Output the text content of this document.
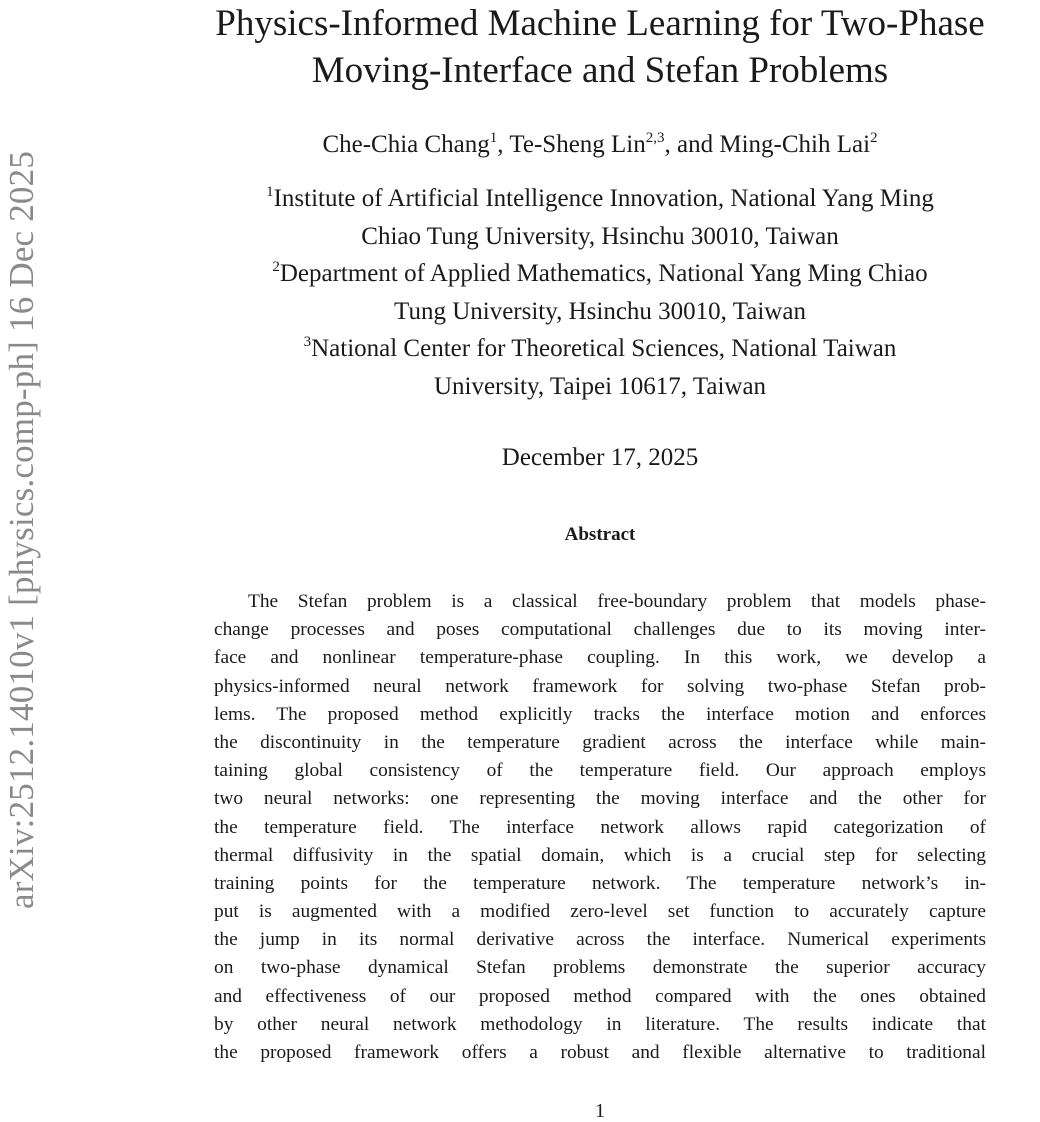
arXiv:2512.14010v1 [physics.comp-ph] 16 Dec 2025
Physics-Informed Machine Learning for Two-Phase
Moving-Interface and Stefan Problems
Che-Chia Chang$^1$, Te-Sheng Lin$^{2,3}$, and Ming-Chih Lai$^2$
$^1$Institute of Artificial Intelligence Innovation, National Yang Ming
Chiao Tung University, Hsinchu 30010, Taiwan
$^2$Department of Applied Mathematics, National Yang Ming Chiao
Tung University, Hsinchu 30010, Taiwan
$^3$National Center for Theoretical Sciences, National Taiwan
University, Taipei 10617, Taiwan
December 17, 2025
Abstract
The Stefan problem is a classical free-boundary problem that models phase-
change processes and poses computational challenges due to its moving inter-
face and nonlinear temperature-phase coupling. In this work, we develop a
physics-informed neural network framework for solving two-phase Stefan prob-
lems. The proposed method explicitly tracks the interface motion and enforces
the discontinuity in the temperature gradient across the interface while main-
taining global consistency of the temperature field. Our approach employs
two neural networks: one representing the moving interface and the other for
the temperature field. The interface network allows rapid categorization of
thermal diffusivity in the spatial domain, which is a crucial step for selecting
training points for the temperature network. The temperature network’s in-
put is augmented with a modified zero-level set function to accurately capture
the jump in its normal derivative across the interface. Numerical experiments
on two-phase dynamical Stefan problems demonstrate the superior accuracy
and effectiveness of our proposed method compared with the ones obtained
by other neural network methodology in literature. The results indicate that
the proposed framework offers a robust and flexible alternative to traditional
1
